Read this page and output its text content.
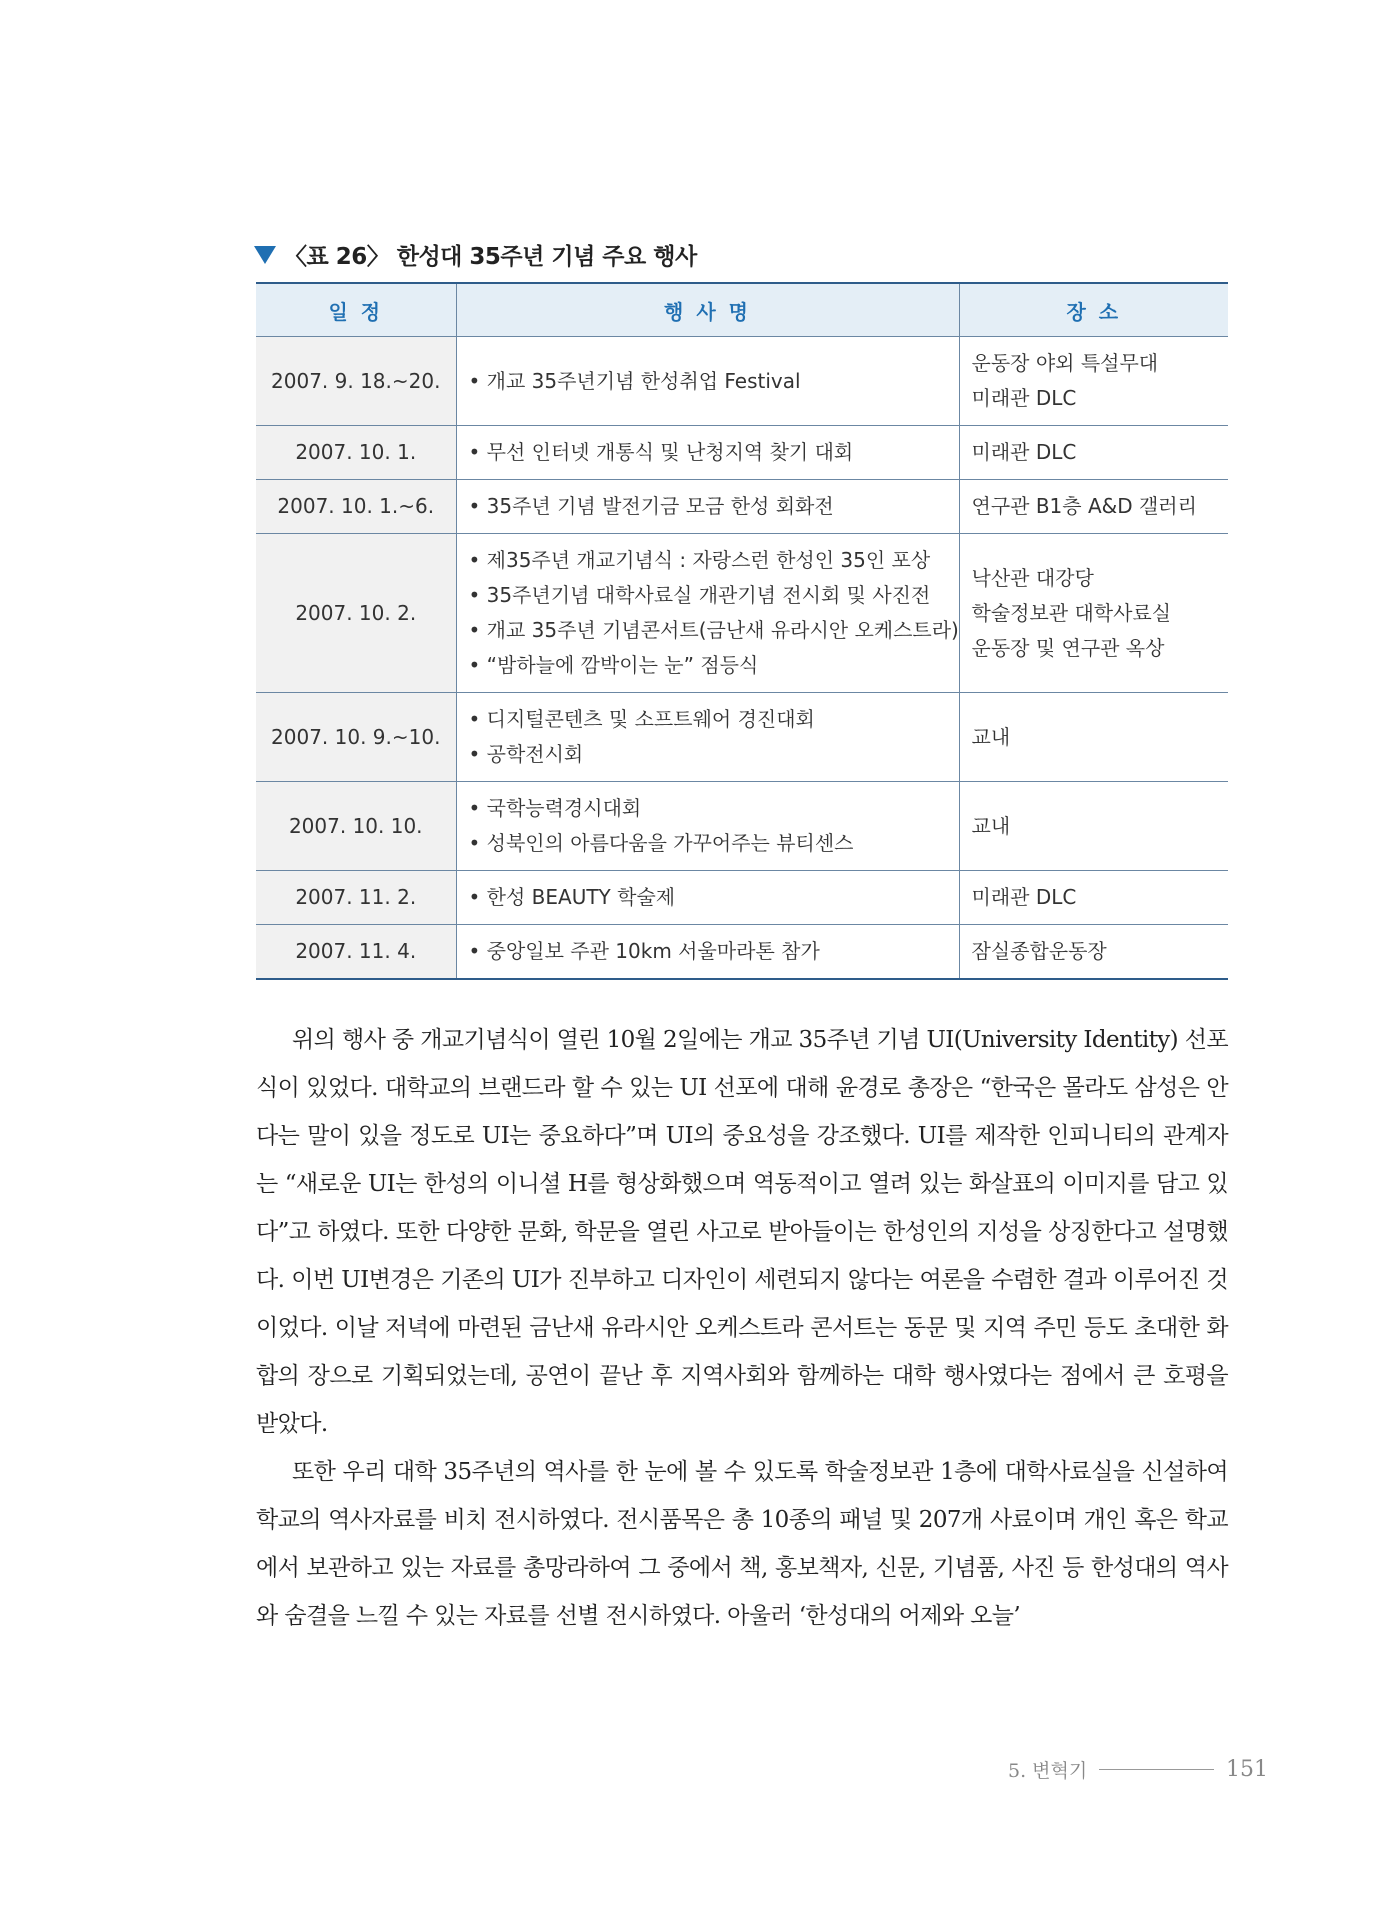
〈표 26〉 한성대 35주년 기념 주요 행사
일 정	행 사 명	장 소
2007. 9. 18.~20.	• 개교 35주년기념 한성취업 Festival	운동장 야외 특설무대
미래관 DLC

2007. 10. 1.	• 무선 인터넷 개통식 및 난청지역 찾기 대회	미래관 DLC

2007. 10. 1.~6.	• 35주년 기념 발전기금 모금 한성 회화전	연구관 B1층 A&D 갤러리

2007. 10. 2.	• 제35주년 개교기념식 : 자랑스런 한성인 35인 포상
• 35주년기념 대학사료실 개관기념 전시회 및 사진전
• 개교 35주년 기념콘서트(금난새 유라시안 오케스트라)
• “밤하늘에 깜박이는 눈” 점등식	낙산관 대강당
학술정보관 대학사료실
운동장 및 연구관 옥상

2007. 10. 9.~10.	• 디지털콘텐츠 및 소프트웨어 경진대회
• 공학전시회	교내

2007. 10. 10.	• 국학능력경시대회
• 성북인의 아름다움을 가꾸어주는 뷰티센스	교내

2007. 11. 2.	• 한성 BEAUTY 학술제	미래관 DLC

2007. 11. 4.	• 중앙일보 주관 10km 서울마라톤 참가	잠실종합운동장

위의 행사 중 개교기념식이 열린 10월 2일에는 개교 35주년 기념 UI(University Identity) 선포식이 있었다. 대학교의 브랜드라 할 수 있는 UI 선포에 대해 윤경로 총장은 “한국은 몰라도 삼성은 안다는 말이 있을 정도로 UI는 중요하다”며 UI의 중요성을 강조했다. UI를 제작한 인피니티의 관계자는 “새로운 UI는 한성의 이니셜 H를 형상화했으며 역동적이고 열려 있는 화살표의 이미지를 담고 있다”고 하였다. 또한 다양한 문화, 학문을 열린 사고로 받아들이는 한성인의 지성을 상징한다고 설명했다. 이번 UI변경은 기존의 UI가 진부하고 디자인이 세련되지 않다는 여론을 수렴한 결과 이루어진 것이었다. 이날 저녁에 마련된 금난새 유라시안 오케스트라 콘서트는 동문 및 지역 주민 등도 초대한 화합의 장으로 기획되었는데, 공연이 끝난 후 지역사회와 함께하는 대학 행사였다는 점에서 큰 호평을 받았다.

또한 우리 대학 35주년의 역사를 한 눈에 볼 수 있도록 학술정보관 1층에 대학사료실을 신설하여 학교의 역사자료를 비치 전시하였다. 전시품목은 총 10종의 패널 및 207개 사료이며 개인 혹은 학교에서 보관하고 있는 자료를 총망라하여 그 중에서 책, 홍보책자, 신문, 기념품, 사진 등 한성대의 역사와 숨결을 느낄 수 있는 자료를 선별 전시하였다. 아울러 ‘한성대의 어제와 오늘’

5. 변혁기	151
